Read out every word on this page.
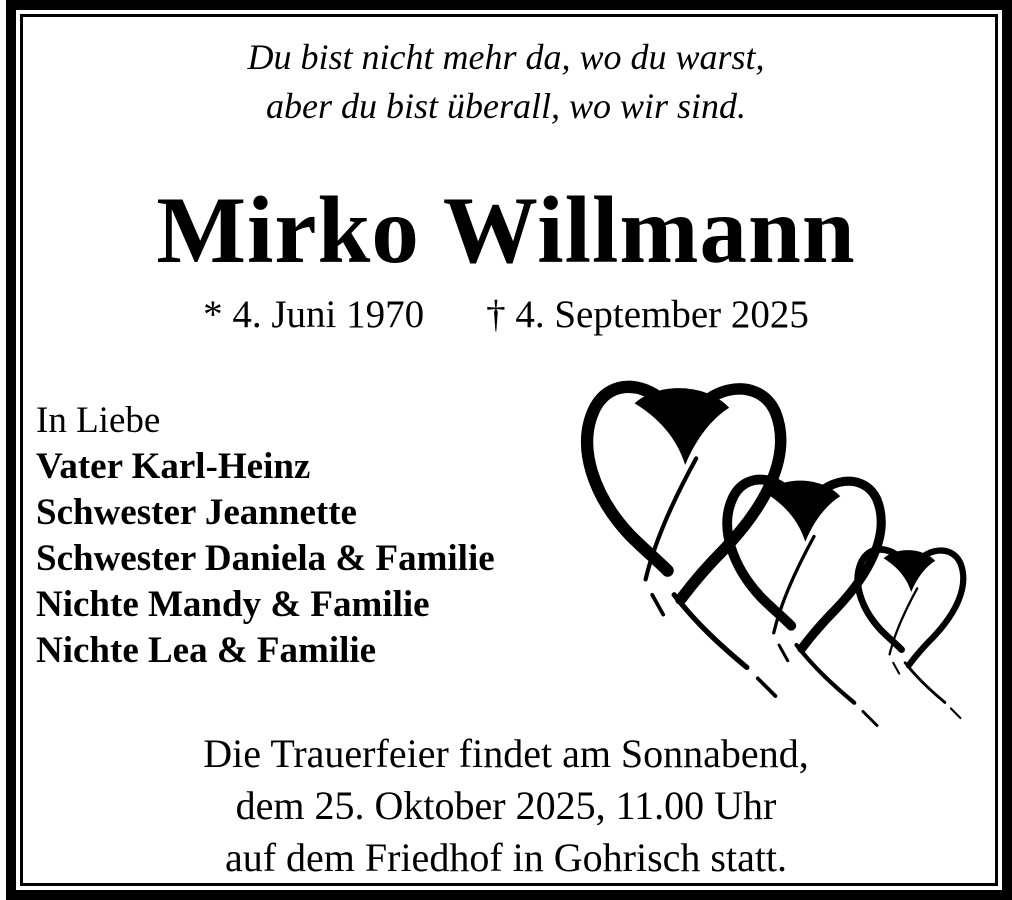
Du bist nicht mehr da, wo du warst,
aber du bist überall, wo wir sind.
Mirko Willmann
* 4. Juni 1970 † 4. September 2025
In Liebe
Vater Karl-Heinz
Schwester Jeannette
Schwester Daniela & Familie
Nichte Mandy & Familie
Nichte Lea & Familie
Die Trauerfeier findet am Sonnabend,
dem 25. Oktober 2025, 11.00 Uhr
auf dem Friedhof in Gohrisch statt.
